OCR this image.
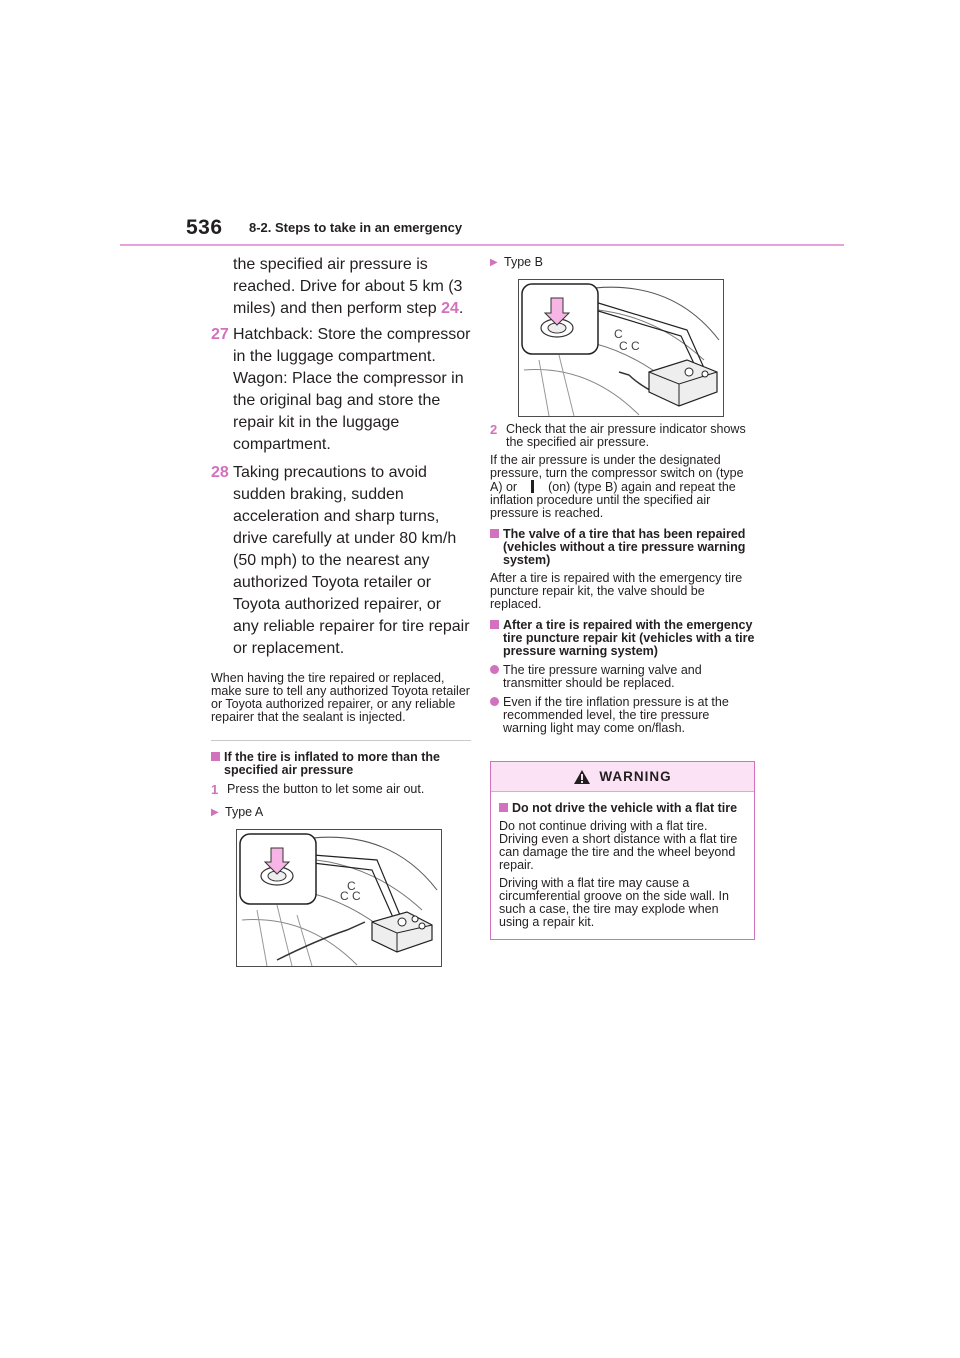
536 8-2. Steps to take in an emergency
the specified air pressure is reached. Drive for about 5 km (3 miles) and then perform step 24.
27 Hatchback: Store the compressor in the luggage compartment. Wagon: Place the compressor in the original bag and store the repair kit in the luggage compartment.
28 Taking precautions to avoid sudden braking, sudden acceleration and sharp turns, drive carefully at under 80 km/h (50 mph) to the nearest any authorized Toyota retailer or Toyota authorized repairer, or any reliable repairer for tire repair or replacement.
When having the tire repaired or replaced, make sure to tell any authorized Toyota retailer or Toyota authorized repairer, or any reliable repairer that the sealant is injected.
If the tire is inflated to more than the specified air pressure
1 Press the button to let some air out.
▶ Type A
C
C C
▶ Type B
C
C C
2 Check that the air pressure indicator shows the specified air pressure.
If the air pressure is under the designated pressure, turn the compressor switch on (type A) or (on) (type B) again and repeat the inflation procedure until the specified air pressure is reached.
The valve of a tire that has been repaired (vehicles without a tire pressure warning system)
After a tire is repaired with the emergency tire puncture repair kit, the valve should be replaced.
After a tire is repaired with the emergency tire puncture repair kit (vehicles with a tire pressure warning system)
The tire pressure warning valve and transmitter should be replaced.
Even if the tire inflation pressure is at the recommended level, the tire pressure warning light may come on/flash.
WARNING
Do not drive the vehicle with a flat tire
Do not continue driving with a flat tire. Driving even a short distance with a flat tire can damage the tire and the wheel beyond repair.
Driving with a flat tire may cause a circumferential groove on the side wall. In such a case, the tire may explode when using a repair kit.
